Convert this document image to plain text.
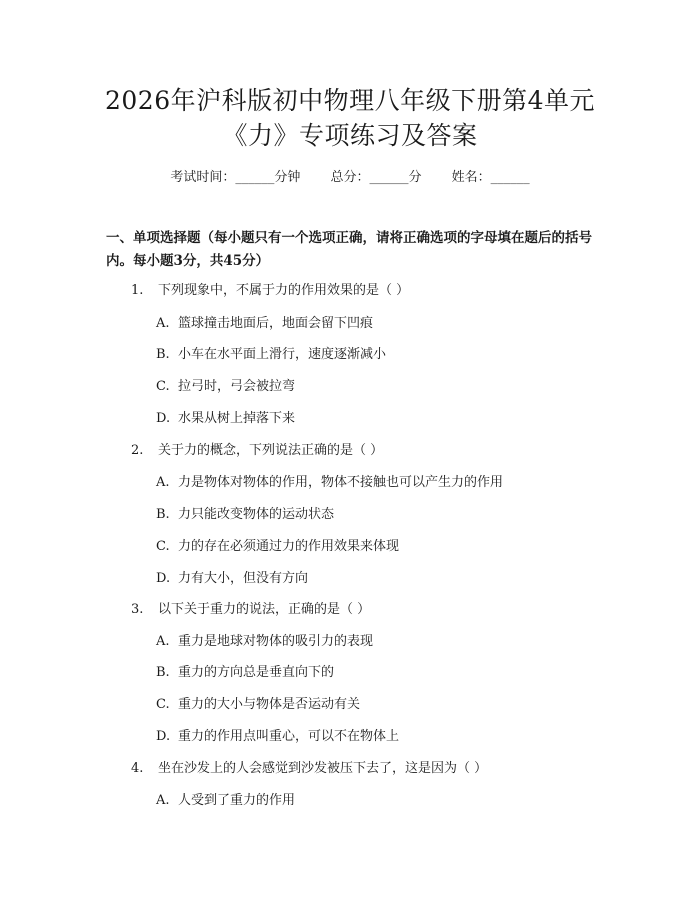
2026年沪科版初中物理八年级下册第4单元
《力》专项练习及答案
考试时间：______分钟 总分：______分 姓名：______
一、单项选择题（每小题只有一个选项正确，请将正确选项的字母填在题后的括号内。每小题3分，共45分）
1. 下列现象中，不属于力的作用效果的是（ ）
A. 篮球撞击地面后，地面会留下凹痕
B. 小车在水平面上滑行，速度逐渐减小
C. 拉弓时，弓会被拉弯
D. 水果从树上掉落下来
2. 关于力的概念，下列说法正确的是（ ）
A. 力是物体对物体的作用，物体不接触也可以产生力的作用
B. 力只能改变物体的运动状态
C. 力的存在必须通过力的作用效果来体现
D. 力有大小，但没有方向
3. 以下关于重力的说法，正确的是（ ）
A. 重力是地球对物体的吸引力的表现
B. 重力的方向总是垂直向下的
C. 重力的大小与物体是否运动有关
D. 重力的作用点叫重心，可以不在物体上
4. 坐在沙发上的人会感觉到沙发被压下去了，这是因为（ ）
A. 人受到了重力的作用
